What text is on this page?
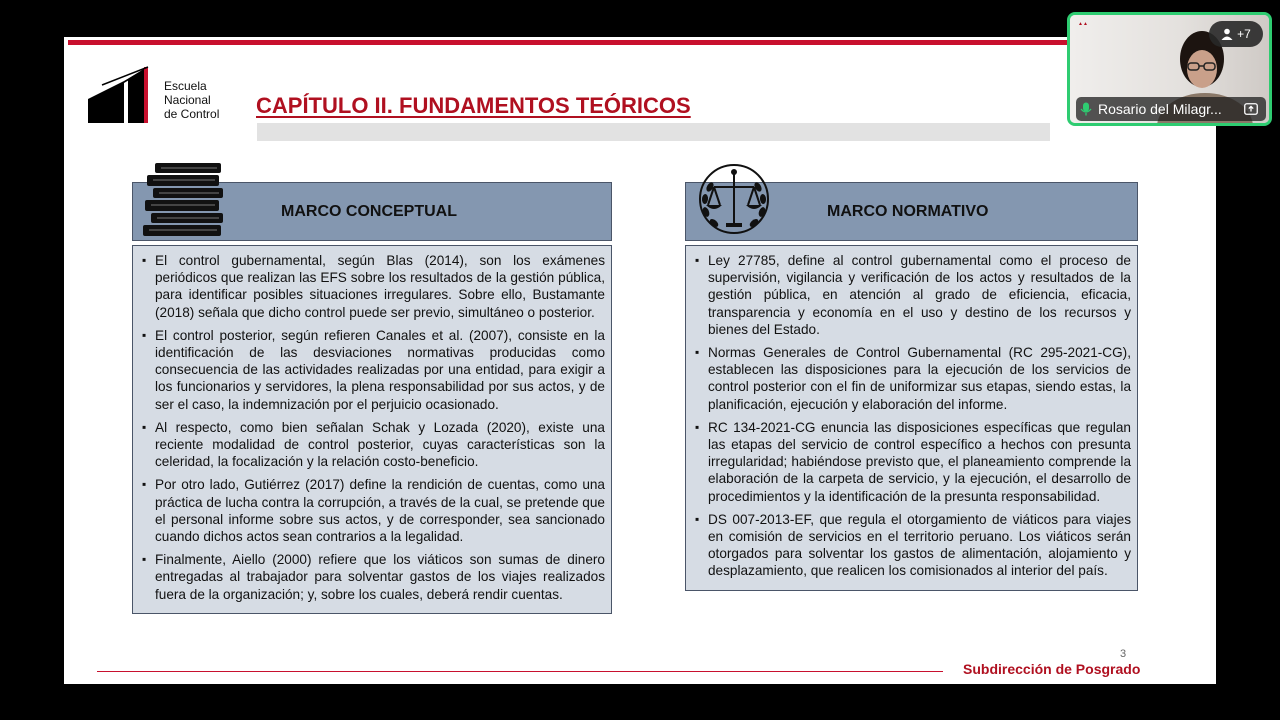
Escuela
Nacional
de Control CAPÍTULO II. FUNDAMENTOS TEÓRICOS
MARCO CONCEPTUAL
▪ El control gubernamental, según Blas (2014), son los exámenes periódicos que realizan las EFS sobre los resultados de la gestión pública, para identificar posibles situaciones irregulares. Sobre ello, Bustamante (2018) señala que dicho control puede ser previo, simultáneo o posterior.
▪ El control posterior, según refieren Canales et al. (2007), consiste en la identificación de las desviaciones normativas producidas como consecuencia de las actividades realizadas por una entidad, para exigir a los funcionarios y servidores, la plena responsabilidad por sus actos, y de ser el caso, la indemnización por el perjuicio ocasionado.
▪ Al respecto, como bien señalan Schak y Lozada (2020), existe una reciente modalidad de control posterior, cuyas características son la celeridad, la focalización y la relación costo-beneficio.
▪ Por otro lado, Gutiérrez (2017) define la rendición de cuentas, como una práctica de lucha contra la corrupción, a través de la cual, se pretende que el personal informe sobre sus actos, y de corresponder, sea sancionado cuando dichos actos sean contrarios a la legalidad.
▪ Finalmente, Aiello (2000) refiere que los viáticos son sumas de dinero entregadas al trabajador para solventar gastos de los viajes realizados fuera de la organización; y, sobre los cuales, deberá rendir cuentas.
MARCO NORMATIVO
▪ Ley 27785, define al control gubernamental como el proceso de supervisión, vigilancia y verificación de los actos y resultados de la gestión pública, en atención al grado de eficiencia, eficacia, transparencia y economía en el uso y destino de los recursos y bienes del Estado.
▪ Normas Generales de Control Gubernamental (RC 295-2021-CG), establecen las disposiciones para la ejecución de los servicios de control posterior con el fin de uniformizar sus etapas, siendo estas, la planificación, ejecución y elaboración del informe.
▪ RC 134-2021-CG enuncia las disposiciones específicas que regulan las etapas del servicio de control específico a hechos con presunta irregularidad; habiéndose previsto que, el planeamiento comprende la elaboración de la carpeta de servicio, y la ejecución, el desarrollo de procedimientos y la identificación de la presunta responsabilidad.
▪ DS 007-2013-EF, que regula el otorgamiento de viáticos para viajes en comisión de servicios en el territorio peruano. Los viáticos serán otorgados para solventar los gastos de alimentación, alojamiento y desplazamiento, que realicen los comisionados al interior del país.
3
Subdirección de Posgrado
▲▲
+7
Rosario del Milagr...
